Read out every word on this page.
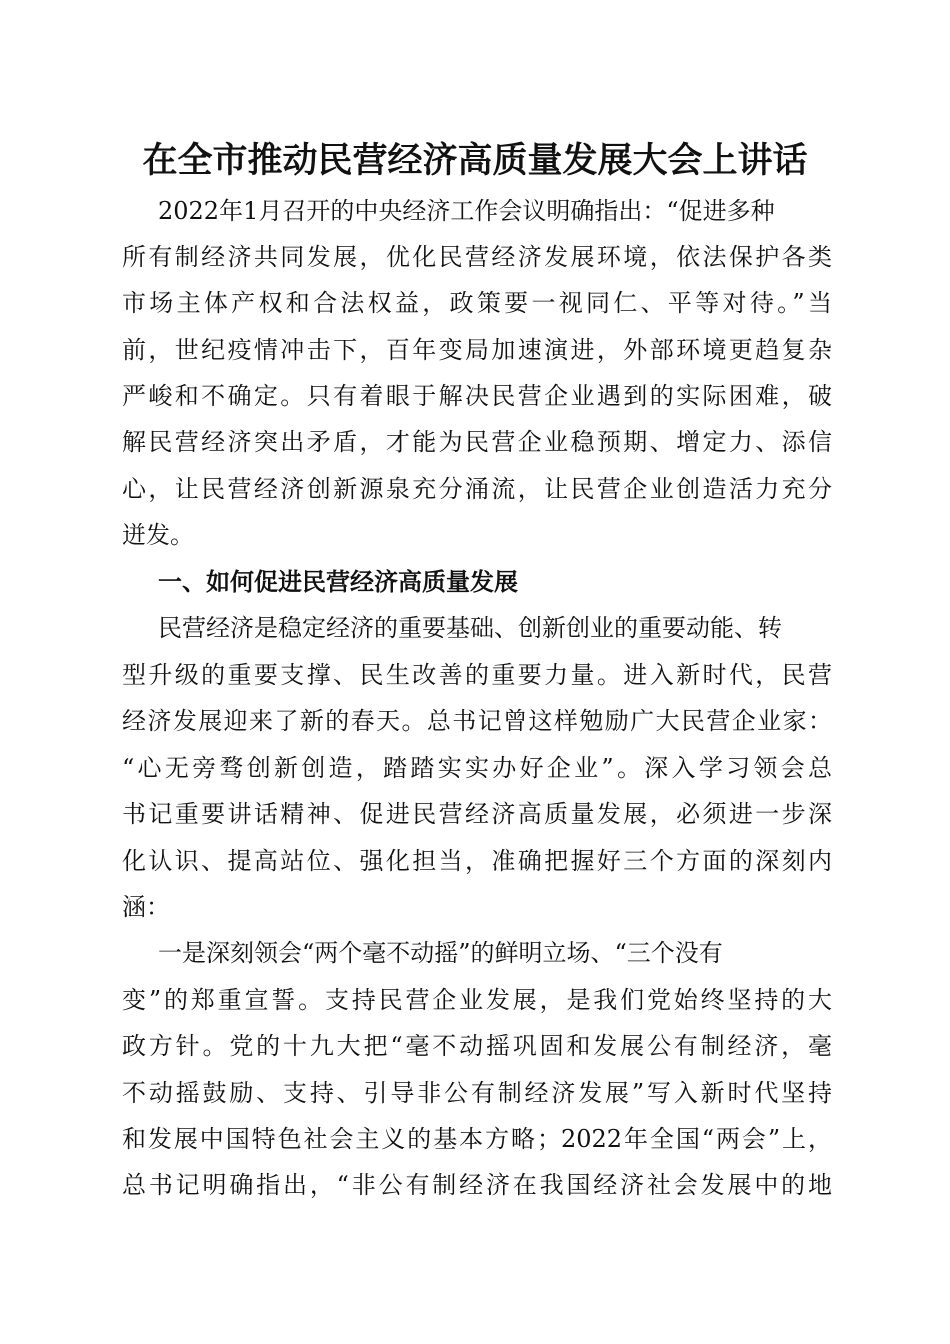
在全市推动民营经济高质量发展大会上讲话
2022年1月召开的中央经济工作会议明确指出：“促进多种
所有制经济共同发展，优化民营经济发展环境，依法保护各类
市场主体产权和合法权益，政策要一视同仁、平等对待。”当
前，世纪疫情冲击下，百年变局加速演进，外部环境更趋复杂
严峻和不确定。只有着眼于解决民营企业遇到的实际困难，破
解民营经济突出矛盾，才能为民营企业稳预期、增定力、添信
心，让民营经济创新源泉充分涌流，让民营企业创造活力充分
迸发。
一、如何促进民营经济高质量发展
民营经济是稳定经济的重要基础、创新创业的重要动能、转
型升级的重要支撑、民生改善的重要力量。进入新时代，民营
经济发展迎来了新的春天。总书记曾这样勉励广大民营企业家：
“心无旁骛创新创造，踏踏实实办好企业”。深入学习领会总
书记重要讲话精神、促进民营经济高质量发展，必须进一步深
化认识、提高站位、强化担当，准确把握好三个方面的深刻内
涵：
一是深刻领会“两个毫不动摇”的鲜明立场、“三个没有
变”的郑重宣誓。支持民营企业发展，是我们党始终坚持的大
政方针。党的十九大把“毫不动摇巩固和发展公有制经济，毫
不动摇鼓励、支持、引导非公有制经济发展”写入新时代坚持
和发展中国特色社会主义的基本方略；2022年全国“两会”上，
总书记明确指出，“非公有制经济在我国经济社会发展中的地
